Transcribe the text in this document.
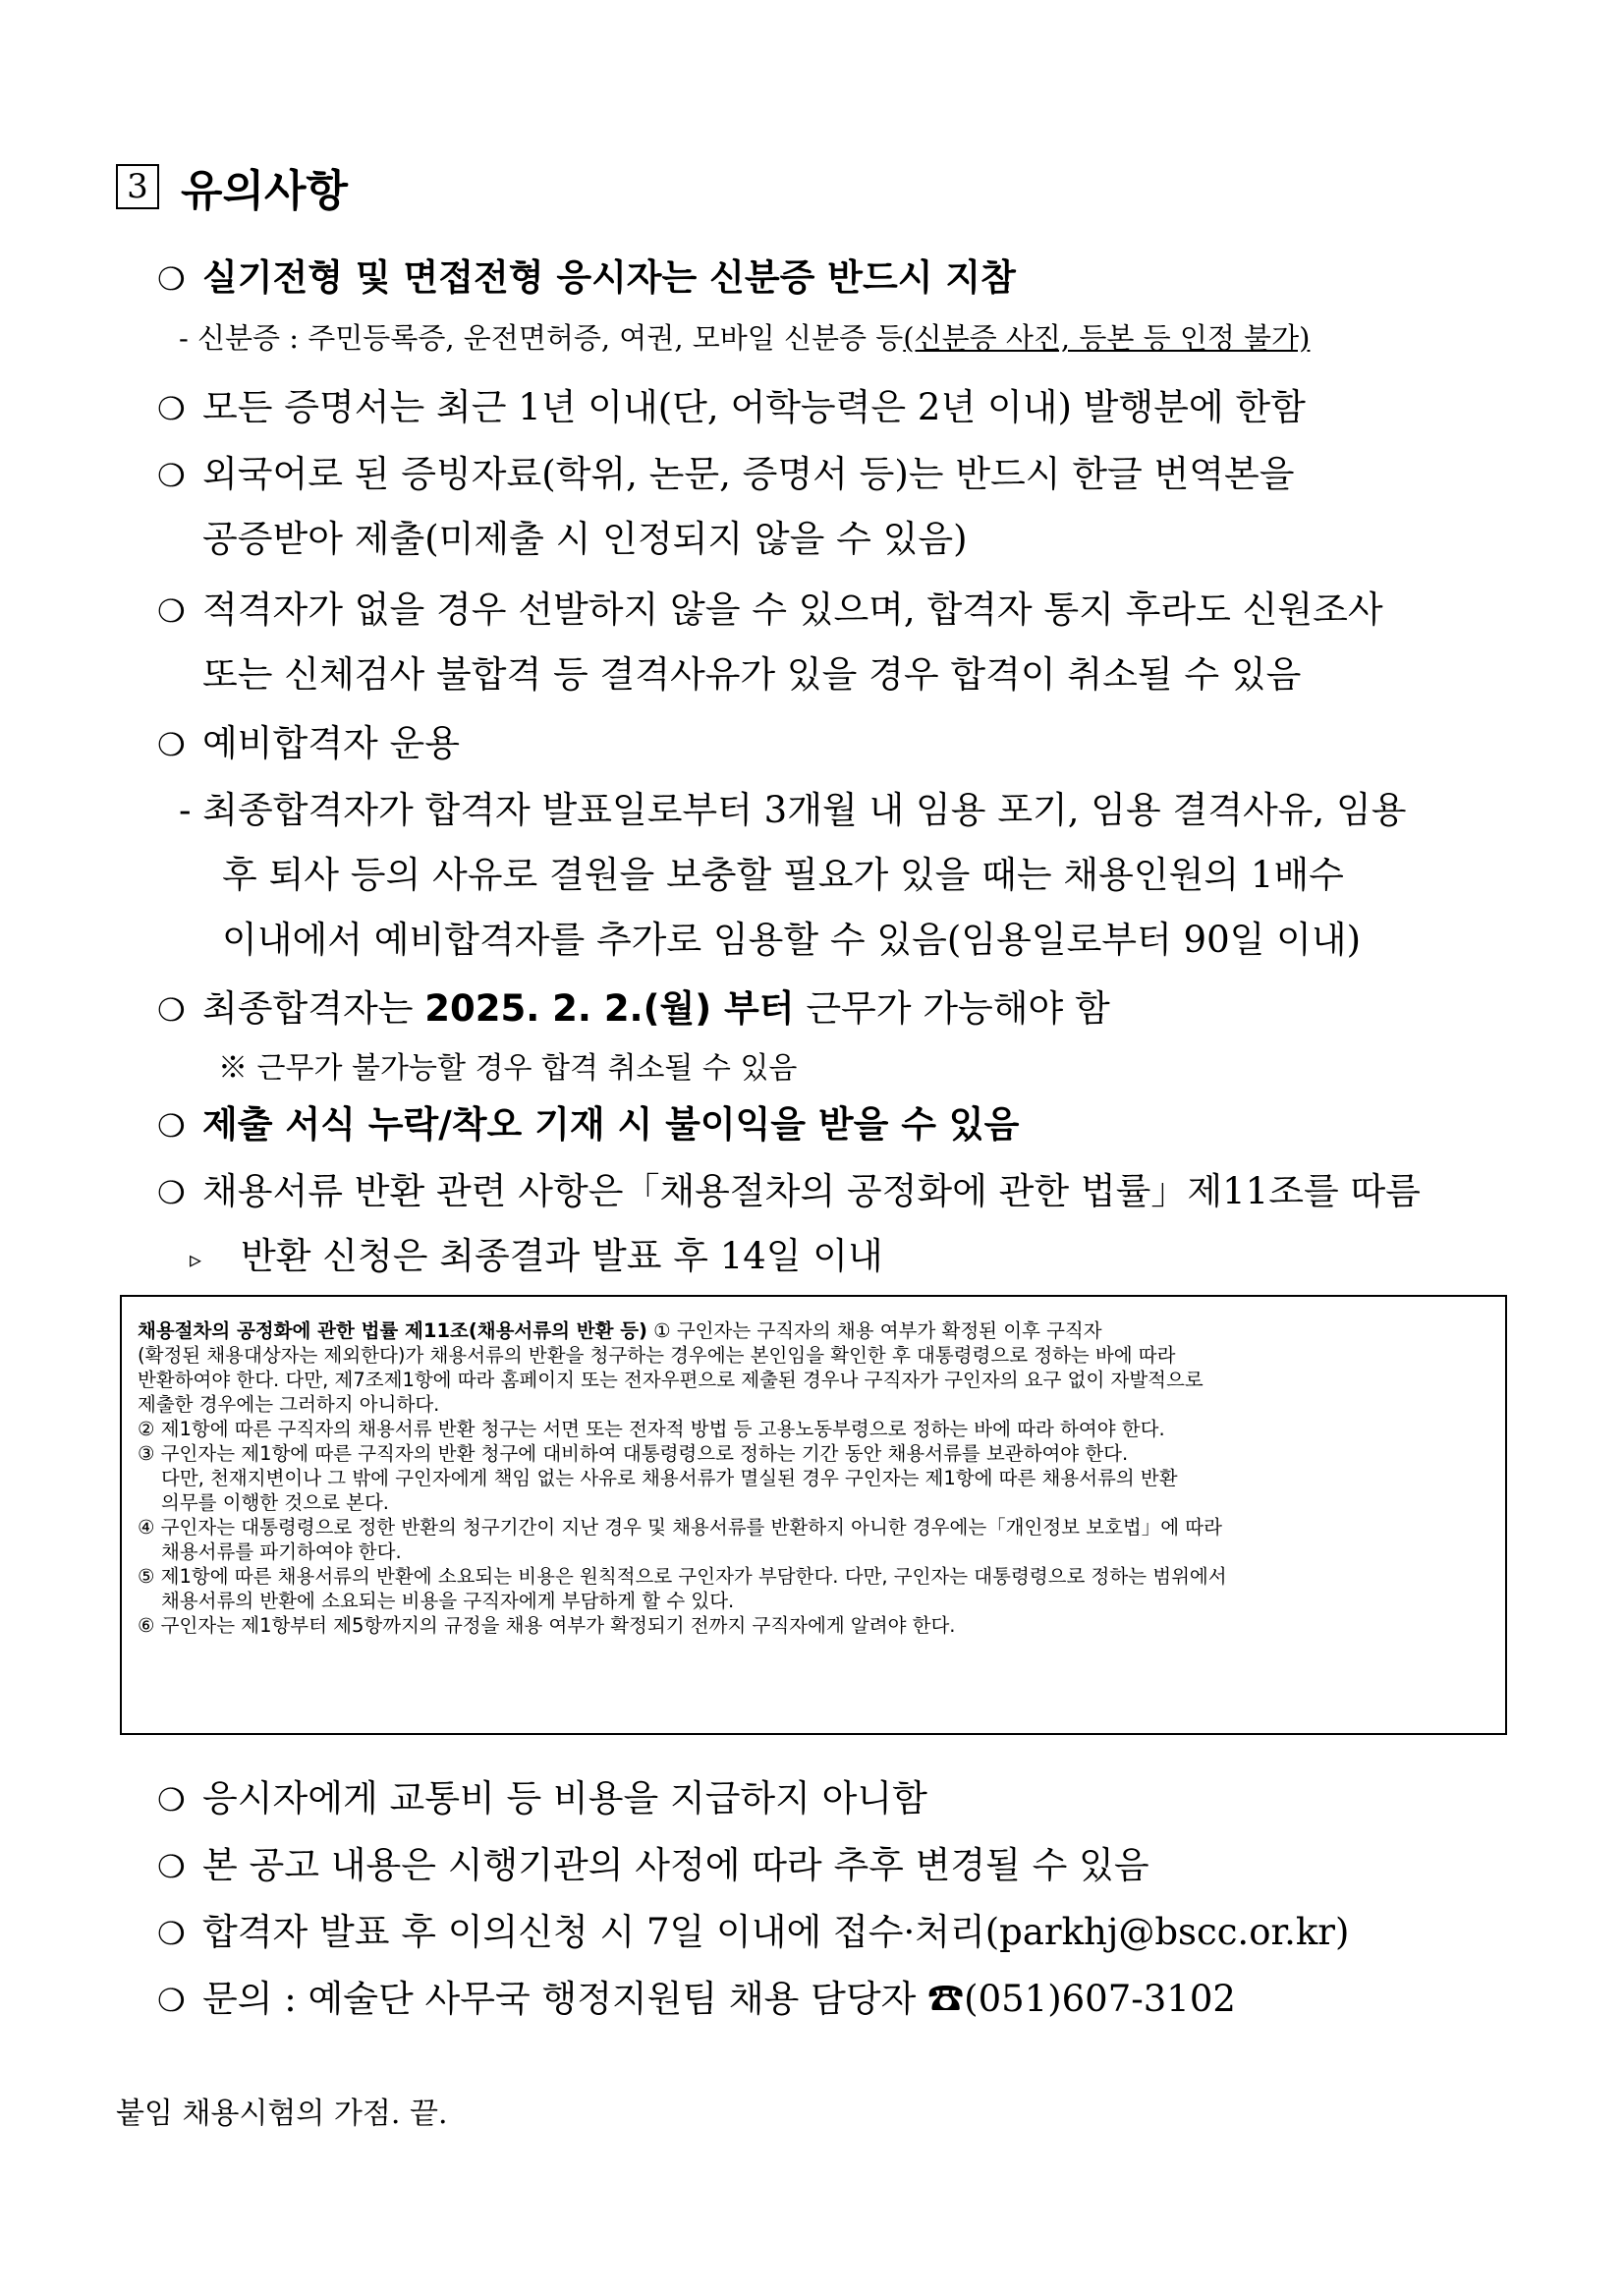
3 유의사항
❍ 실기전형 및 면접전형 응시자는 신분증 반드시 지참
- 신분증 : 주민등록증, 운전면허증, 여권, 모바일 신분증 등(신분증 사진, 등본 등 인정 불가)
❍ 모든 증명서는 최근 1년 이내(단, 어학능력은 2년 이내) 발행분에 한함
❍ 외국어로 된 증빙자료(학위, 논문, 증명서 등)는 반드시 한글 번역본을
공증받아 제출(미제출 시 인정되지 않을 수 있음)
❍ 적격자가 없을 경우 선발하지 않을 수 있으며, 합격자 통지 후라도 신원조사
또는 신체검사 불합격 등 결격사유가 있을 경우 합격이 취소될 수 있음
❍ 예비합격자 운용
- 최종합격자가 합격자 발표일로부터 3개월 내 임용 포기, 임용 결격사유, 임용
후 퇴사 등의 사유로 결원을 보충할 필요가 있을 때는 채용인원의 1배수
이내에서 예비합격자를 추가로 임용할 수 있음(임용일로부터 90일 이내)
❍ 최종합격자는 2025. 2. 2.(월) 부터 근무가 가능해야 함
※ 근무가 불가능할 경우 합격 취소될 수 있음
❍ 제출 서식 누락/착오 기재 시 불이익을 받을 수 있음
❍ 채용서류 반환 관련 사항은「채용절차의 공정화에 관한 법률」제11조를 따름
▹ 반환 신청은 최종결과 발표 후 14일 이내
채용절차의 공정화에 관한 법률 제11조(채용서류의 반환 등) ① 구인자는 구직자의 채용 여부가 확정된 이후 구직자
(확정된 채용대상자는 제외한다)가 채용서류의 반환을 청구하는 경우에는 본인임을 확인한 후 대통령령으로 정하는 바에 따라
반환하여야 한다. 다만, 제7조제1항에 따라 홈페이지 또는 전자우편으로 제출된 경우나 구직자가 구인자의 요구 없이 자발적으로
제출한 경우에는 그러하지 아니하다.
② 제1항에 따른 구직자의 채용서류 반환 청구는 서면 또는 전자적 방법 등 고용노동부령으로 정하는 바에 따라 하여야 한다.
③ 구인자는 제1항에 따른 구직자의 반환 청구에 대비하여 대통령령으로 정하는 기간 동안 채용서류를 보관하여야 한다.
다만, 천재지변이나 그 밖에 구인자에게 책임 없는 사유로 채용서류가 멸실된 경우 구인자는 제1항에 따른 채용서류의 반환
의무를 이행한 것으로 본다.
④ 구인자는 대통령령으로 정한 반환의 청구기간이 지난 경우 및 채용서류를 반환하지 아니한 경우에는「개인정보 보호법」에 따라
채용서류를 파기하여야 한다.
⑤ 제1항에 따른 채용서류의 반환에 소요되는 비용은 원칙적으로 구인자가 부담한다. 다만, 구인자는 대통령령으로 정하는 범위에서
채용서류의 반환에 소요되는 비용을 구직자에게 부담하게 할 수 있다.
⑥ 구인자는 제1항부터 제5항까지의 규정을 채용 여부가 확정되기 전까지 구직자에게 알려야 한다.
❍ 응시자에게 교통비 등 비용을 지급하지 아니함
❍ 본 공고 내용은 시행기관의 사정에 따라 추후 변경될 수 있음
❍ 합격자 발표 후 이의신청 시 7일 이내에 접수·처리(parkhj@bscc.or.kr)
❍ 문의 : 예술단 사무국 행정지원팀 채용 담당자 ☎(051)607-3102
붙임 채용시험의 가점. 끝.
